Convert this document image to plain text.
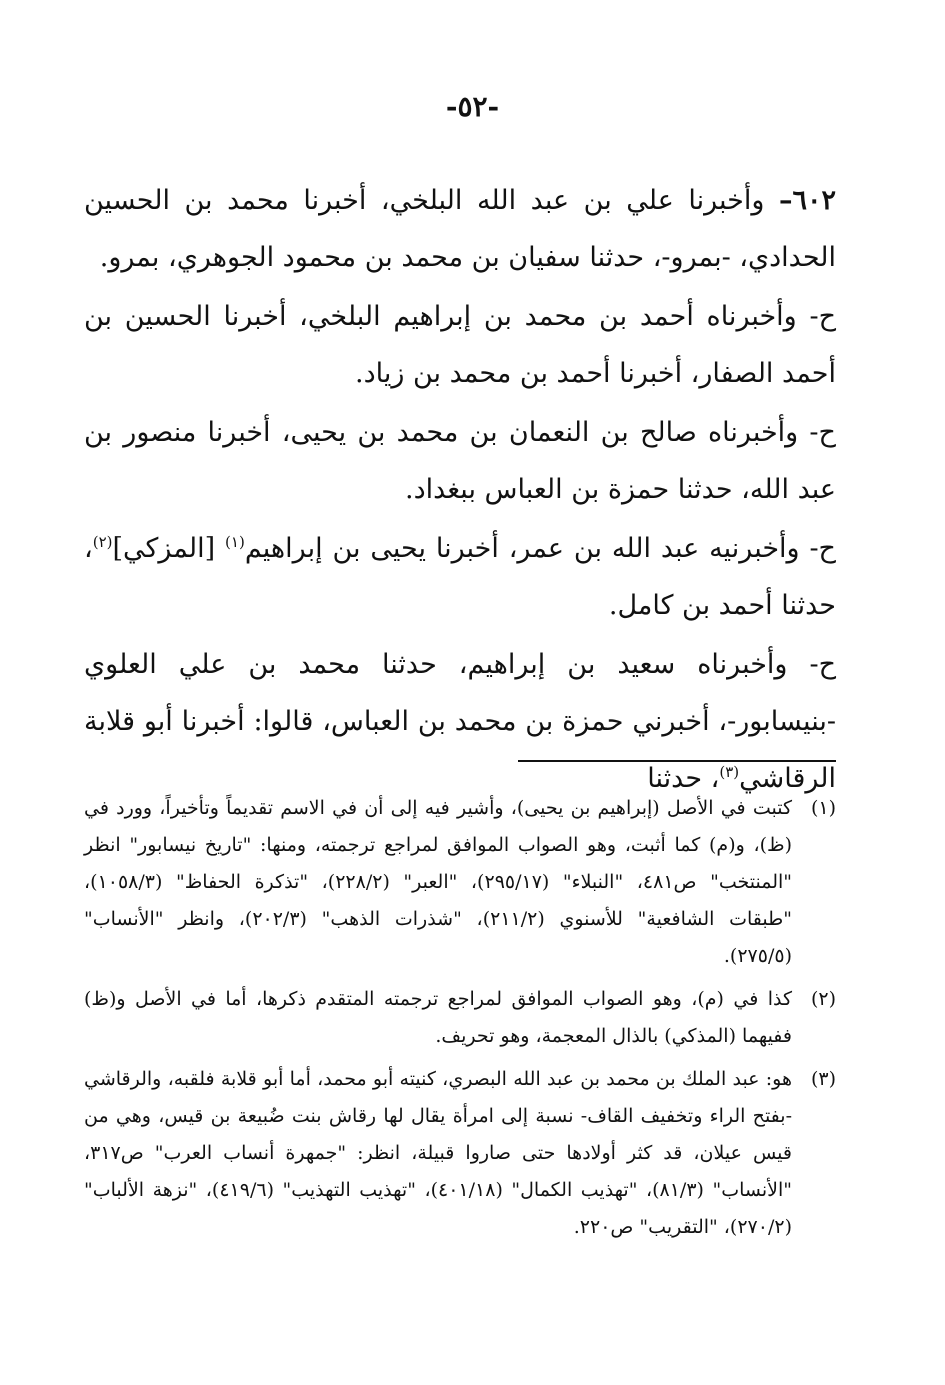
-٥٢-

٦٠٢– وأخبرنا علي بن عبد الله البلخي، أخبرنا محمد بن الحسين الحدادي، -بمرو-، حدثنا سفيان بن محمد بن محمود الجوهري، بمرو.

ح- وأخبرناه أحمد بن محمد بن إبراهيم البلخي، أخبرنا الحسين بن أحمد الصفار، أخبرنا أحمد بن محمد بن زياد.

ح- وأخبرناه صالح بن النعمان بن محمد بن يحيى، أخبرنا منصور بن عبد الله، حدثنا حمزة بن العباس ببغداد.

ح- وأخبرنيه عبد الله بن عمر، أخبرنا يحيى بن إبراهيم$^{(١)}$ [المزكي]$^{(٢)}$، حدثنا أحمد بن كامل.

ح- وأخبرناه سعيد بن إبراهيم، حدثنا محمد بن علي العلوي -بنيسابور-، أخبرني حمزة بن محمد بن العباس، قالوا: أخبرنا أبو قلابة الرقاشي$^{(٣)}$، حدثنا

(١)
كتبت في الأصل (إبراهيم بن يحيى)، وأشير فيه إلى أن في الاسم تقديماً وتأخيراً، وورد في (ظ)، و(م) كما أثبت، وهو الصواب الموافق لمراجع ترجمته، ومنها: "تاريخ نيسابور" انظر "المنتخب" ص٤٨١، "النبلاء" (٢٩٥/١٧)، "العبر" (٢٢٨/٢)، "تذكرة الحفاظ" (١٠٥٨/٣)، "طبقات الشافعية" للأسنوي (٢١١/٢)، "شذرات الذهب" (٢٠٢/٣)، وانظر "الأنساب" (٢٧٥/٥).
(٢)
كذا في (م)، وهو الصواب الموافق لمراجع ترجمته المتقدم ذكرها، أما في الأصل و(ظ) ففيهما (المذكي) بالذال المعجمة، وهو تحريف.
(٣)
هو: عبد الملك بن محمد بن عبد الله البصري، كنيته أبو محمد، أما أبو قلابة فلقبه، والرقاشي -بفتح الراء وتخفيف القاف- نسبة إلى امرأة يقال لها رقاش بنت ضُبيعة بن قيس، وهي من قيس عيلان، قد كثر أولادها حتى صاروا قبيلة، انظر: "جمهرة أنساب العرب" ص٣١٧، "الأنساب" (٨١/٣)، "تهذيب الكمال" (٤٠١/١٨)، "تهذيب التهذيب" (٤١٩/٦)، "نزهة الألباب" (٢٧٠/٢)، "التقريب" ص٢٢٠.
